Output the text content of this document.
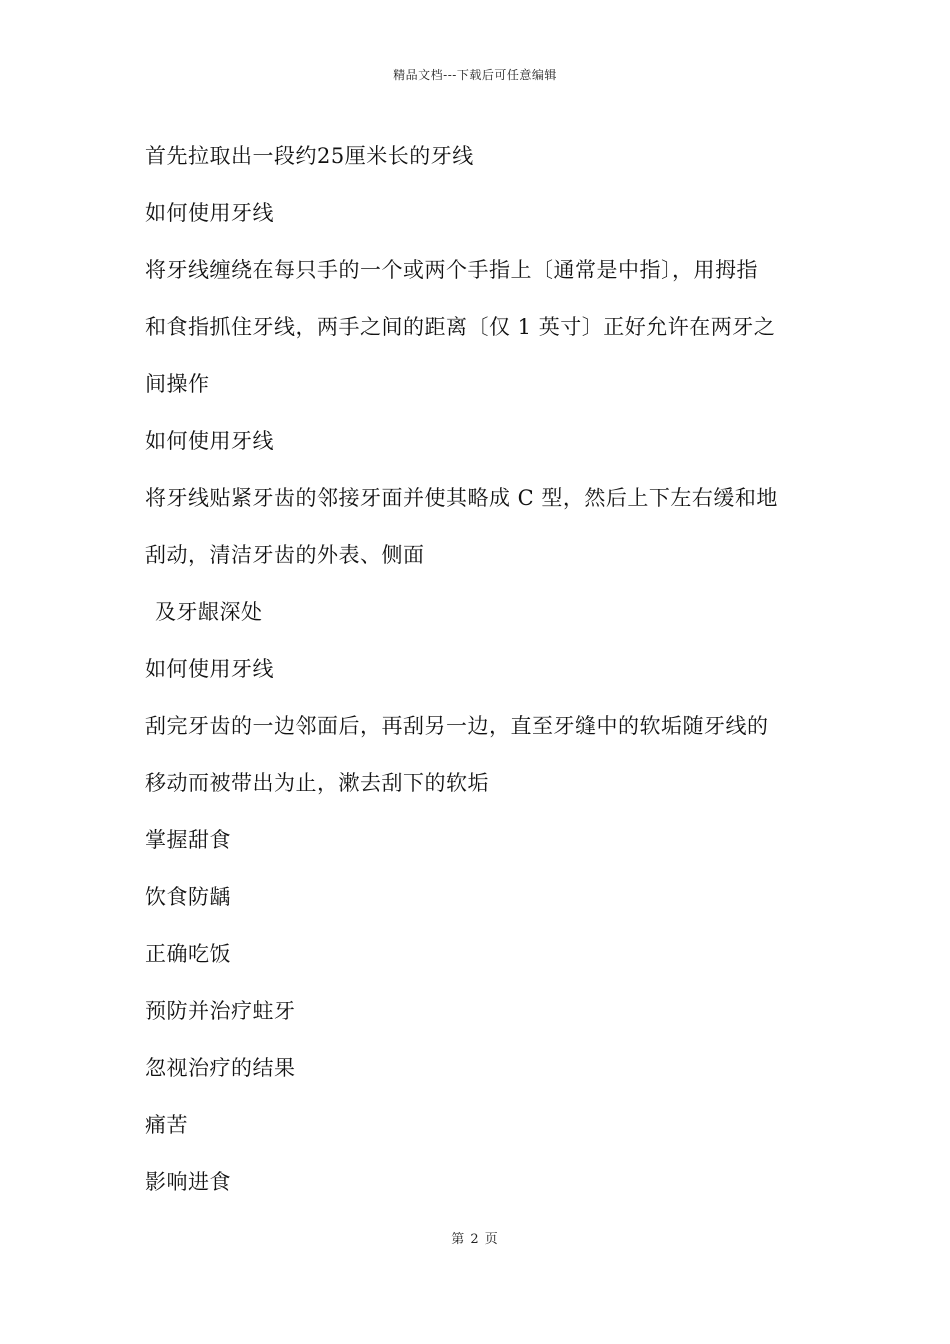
精品文档---下载后可任意编辑
首先拉取出一段约25厘米长的牙线
如何使用牙线
将牙线缠绕在每只手的一个或两个手指上〔通常是中指〕，用拇指
和食指抓住牙线，两手之间的距离〔仅 1 英寸〕正好允许在两牙之
间操作
如何使用牙线
将牙线贴紧牙齿的邻接牙面并使其略成 C 型，然后上下左右缓和地
刮动，清洁牙齿的外表、侧面
及牙龈深处
如何使用牙线
刮完牙齿的一边邻面后，再刮另一边，直至牙缝中的软垢随牙线的
移动而被带出为止，漱去刮下的软垢
掌握甜食
饮食防龋
正确吃饭
预防并治疗蛀牙
忽视治疗的结果
痛苦
影响进食
第 2 页
